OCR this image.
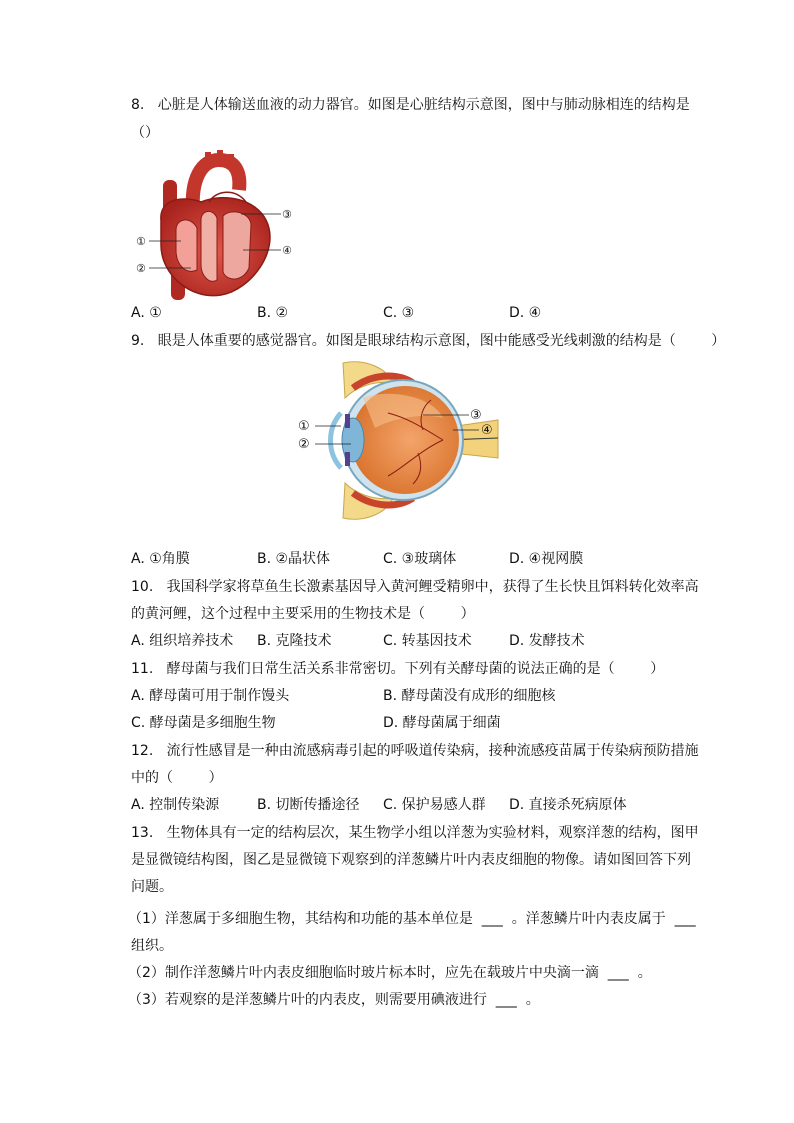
8.   心脏是人体输送血液的动力器官。如图是心脏结构示意图，图中与肺动脉相连的结构是
（）
①
②
③
④
A. ①	B. ②	C. ③	D. ④
9.   眼是人体重要的感觉器官。如图是眼球结构示意图，图中能感受光线刺激的结构是（        ）
①
②
③
④
A. ①角膜	B. ②晶状体	C. ③玻璃体	D. ④视网膜
10.   我国科学家将草鱼生长激素基因导入黄河鲤受精卵中，获得了生长快且饵料转化效率高
的黄河鲤，这个过程中主要采用的生物技术是（        ）
A. 组织培养技术 B. 克隆技术	C. 转基因技术	D. 发酵技术
11.   酵母菌与我们日常生活关系非常密切。下列有关酵母菌的说法正确的是（        ）
A. 酵母菌可用于制作馒头	B. 酵母菌没有成形的细胞核
C. 酵母菌是多细胞生物	D. 酵母菌属于细菌
12.   流行性感冒是一种由流感病毒引起的呼吸道传染病，接种流感疫苗属于传染病预防措施
中的（        ）
A. 控制传染源	B. 切断传播途径 C. 保护易感人群 D. 直接杀死病原体
13.   生物体具有一定的结构层次，某生物学小组以洋葱为实验材料，观察洋葱的结构，图甲
是显微镜结构图，图乙是显微镜下观察到的洋葱鳞片叶内表皮细胞的物像。请如图回答下列
问题。
（1）洋葱属于多细胞生物，其结构和功能的基本单位是  ___  。洋葱鳞片叶内表皮属于  ___
组织。
（2）制作洋葱鳞片叶内表皮细胞临时玻片标本时，应先在载玻片中央滴一滴  ___  。
（3）若观察的是洋葱鳞片叶的内表皮，则需要用碘液进行  ___  。
